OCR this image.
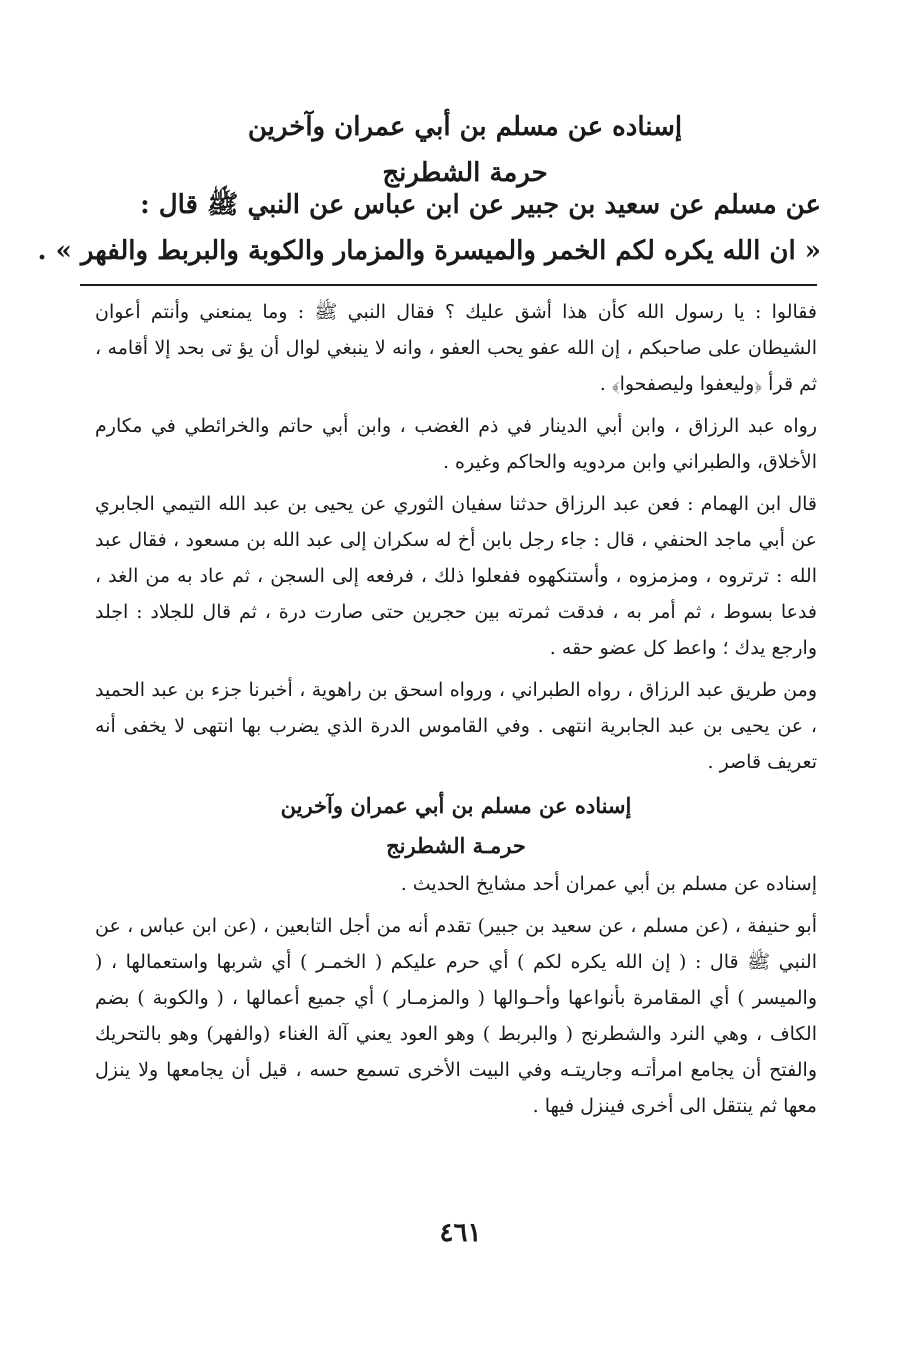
إسناده عن مسلم بن أبي عمران وآخرين
حرمة الشطرنج
عن مسلم عن سعيد بن جبير عن ابن عباس عن النبي ﷺ قال :
« ان الله يكره لكم الخمر والميسرة والمزمار والكوبة والبربط والفهر » .

فقالوا : يا رسول الله كأن هذا أشق عليك ؟ فقال النبي ﷺ : وما يمنعني وأنتم أعوان الشيطان على صاحبكم ، إن الله عفو يحب العفو ، وانه لا ينبغي لوال أن يؤ تى بحد إلا أقامه ، ثم قرأ ﴿وليعفوا وليصفحوا﴾ .

رواه عبد الرزاق ، وابن أبي الدينار في ذم الغضب ، وابن أبي حاتم والخرائطي في مكارم الأخلاق، والطبراني وابن مردويه والحاكم وغيره .

قال ابن الهمام : فعن عبد الرزاق حدثنا سفيان الثوري عن يحيى بن عبد الله التيمي الجابري عن أبي ماجد الحنفي ، قال : جاء رجل بابن أخ له سكران إلى عبد الله بن مسعود ، فقال عبد الله : ترتروه ، ومزمزوه ، وأستنكهوه ففعلوا ذلك ، فرفعه إلى السجن ، ثم عاد به من الغد ، فدعا بسوط ، ثم أمر به ، فدقت ثمرته بين حجرين حتى صارت درة ، ثم قال للجلاد : اجلد وارجع يدك ؛ واعط كل عضو حقه .

ومن طريق عبد الرزاق ، رواه الطبراني ، ورواه اسحق بن راهوية ، أخبرنا جزء بن عبد الحميد ، عن يحيى بن عبد الجابرية انتهى . وفي القاموس الدرة الذي يضرب بها انتهى لا يخفى أنه تعريف قاصر .

إسناده عن مسلم بن أبي عمران وآخرين
حرمـة الشطرنج

إسناده عن مسلم بن أبي عمران أحد مشايخ الحديث .

أبو حنيفة ، (عن مسلم ، عن سعيد بن جبير) تقدم أنه من أجل التابعين ، (عن ابن عباس ، عن النبي ﷺ قال : ( إن الله يكره لكم ) أي حرم عليكم ( الخمـر ) أي شربها واستعمالها ، ( والميسر ) أي المقامرة بأنواعها وأحـوالها ( والمزمـار ) أي جميع أعمالها ، ( والكوبة ) بضم الكاف ، وهي النرد والشطرنج ( والبربط ) وهو العود يعني آلة الغناء (والفهر) وهو بالتحريك والفتح أن يجامع امرأتـه وجاريتـه وفي البيت الأخرى تسمع حسه ، قيل أن يجامعها ولا ينزل معها ثم ينتقل الى أخرى فينزل فيها .

٤٦١
